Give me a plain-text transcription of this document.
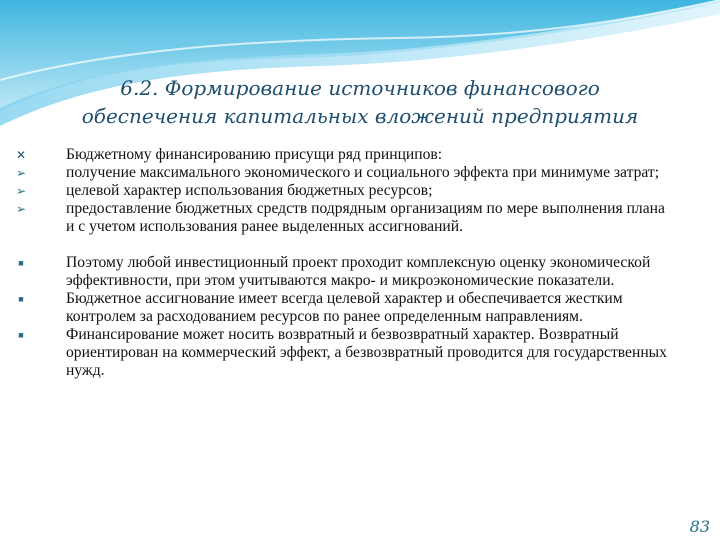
6.2. Формирование источников финансового
обеспечения капитальных вложений предприятия
✕	Бюджетному финансированию присущи ряд принципов:
➢	получение максимального экономического и социального эффекта при минимуме затрат;
➢	целевой характер использования бюджетных ресурсов;
➢	предоставление бюджетных средств подрядным организациям по мере выполнения плана и с учетом использования ранее выделенных ассигнований.
■	Поэтому любой инвестиционный проект проходит комплексную оценку экономической эффективности, при этом учитываются макро- и микроэкономические показатели.
■	Бюджетное ассигнование имеет всегда целевой характер и обеспечивается жестким контролем за расходованием ресурсов по ранее определенным направлениям.
■	Финансирование может носить возвратный и безвозвратный характер. Возвратный ориентирован на коммерческий эффект, а безвозвратный проводится для государственных нужд.
83
